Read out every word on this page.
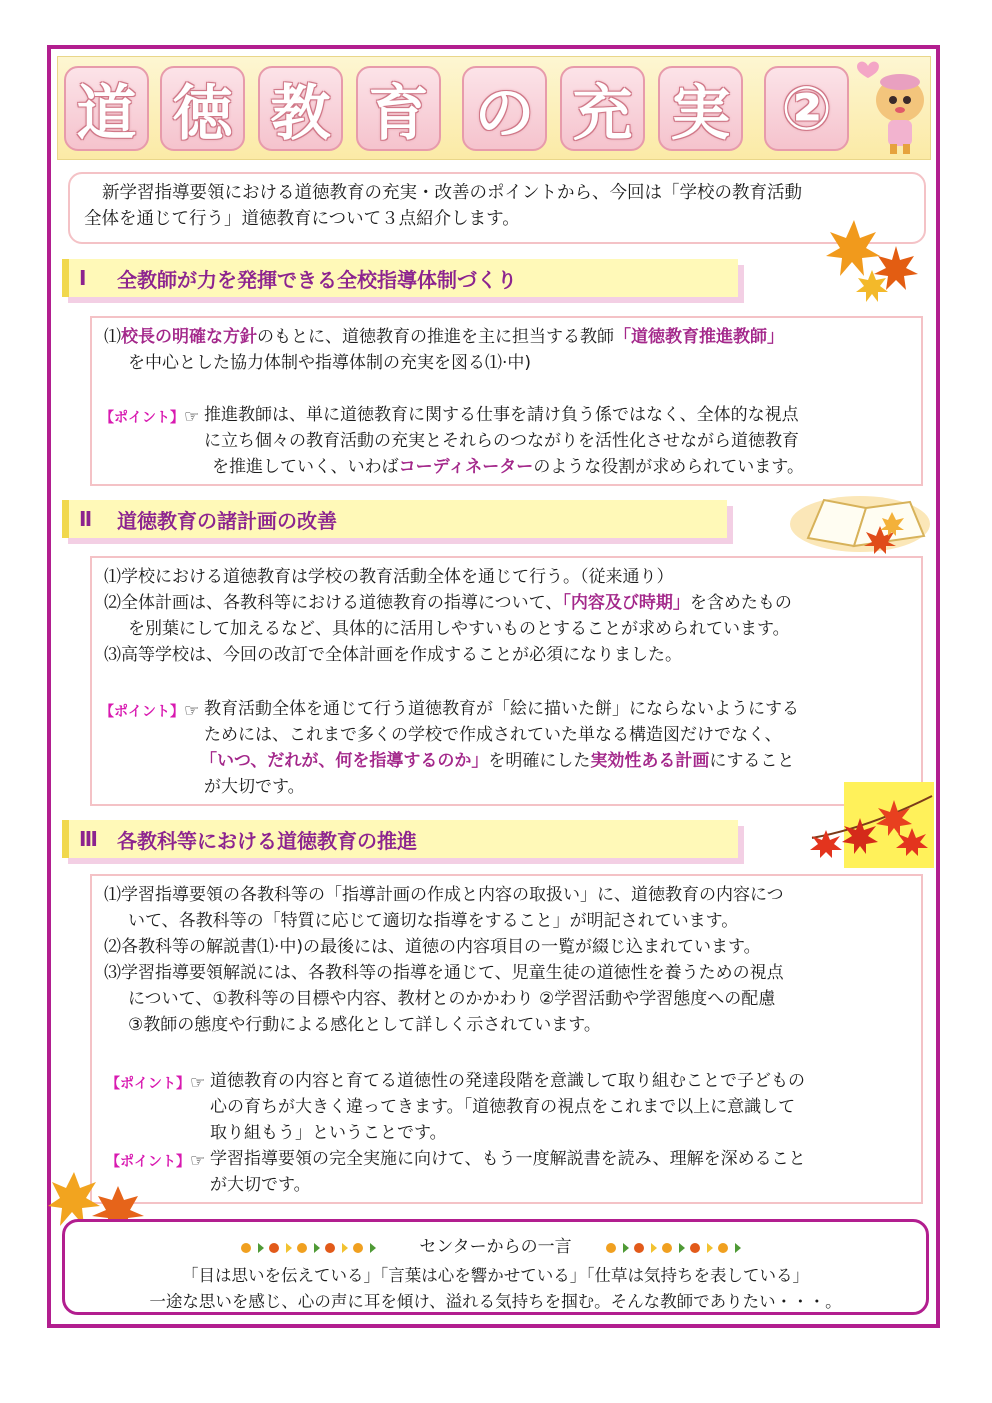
道 徳 教 育 の 充 実 ②
新学習指導要領における道徳教育の充実・改善のポイントから、今回は「学校の教育活動
全体を通じて行う」道徳教育について３点紹介します。
Ⅰ	全教師が力を発揮できる全校指導体制づくり
⑴校長の明確な方針のもとに、道徳教育の推進を主に担当する教師「道徳教育推進教師」
を中心とした協力体制や指導体制の充実を図る⑴·中)
【ポイント】☞ 推進教師は、単に道徳教育に関する仕事を請け負う係ではなく、全体的な視点
に立ち個々の教育活動の充実とそれらのつながりを活性化させながら道徳教育
を推進していく、いわばコーディネーターのような役割が求められています。
Ⅱ	道徳教育の諸計画の改善
⑴学校における道徳教育は学校の教育活動全体を通じて行う。（従来通り）
⑵全体計画は、各教科等における道徳教育の指導について、「内容及び時期」を含めたもの
を別葉にして加えるなど、具体的に活用しやすいものとすることが求められています。
⑶高等学校は、今回の改訂で全体計画を作成することが必須になりました。
【ポイント】☞ 教育活動全体を通じて行う道徳教育が「絵に描いた餅」にならないようにする
ためには、これまで多くの学校で作成されていた単なる構造図だけでなく、
「いつ、だれが、何を指導するのか」を明確にした実効性ある計画にすること
が大切です。
Ⅲ 各教科等における道徳教育の推進
⑴学習指導要領の各教科等の「指導計画の作成と内容の取扱い」に、道徳教育の内容につ
いて、各教科等の「特質に応じて適切な指導をすること」が明記されています。
⑵各教科等の解説書⑴·中)の最後には、道徳の内容項目の一覧が綴じ込まれています。
⑶学習指導要領解説には、各教科等の指導を通じて、児童生徒の道徳性を養うための視点
について、①教科等の目標や内容、教材とのかかわり ②学習活動や学習態度への配慮
③教師の態度や行動による感化として詳しく示されています。
【ポイント】☞ 道徳教育の内容と育てる道徳性の発達段階を意識して取り組むことで子どもの
心の育ちが大きく違ってきます。「道徳教育の視点をこれまで以上に意識して
取り組もう」ということです。
【ポイント】☞ 学習指導要領の完全実施に向けて、もう一度解説書を読み、理解を深めること
が大切です。
センターからの一言
「目は思いを伝えている」「言葉は心を響かせている」「仕草は気持ちを表している」
一途な思いを感じ、心の声に耳を傾け、溢れる気持ちを掴む。そんな教師でありたい・・・。
